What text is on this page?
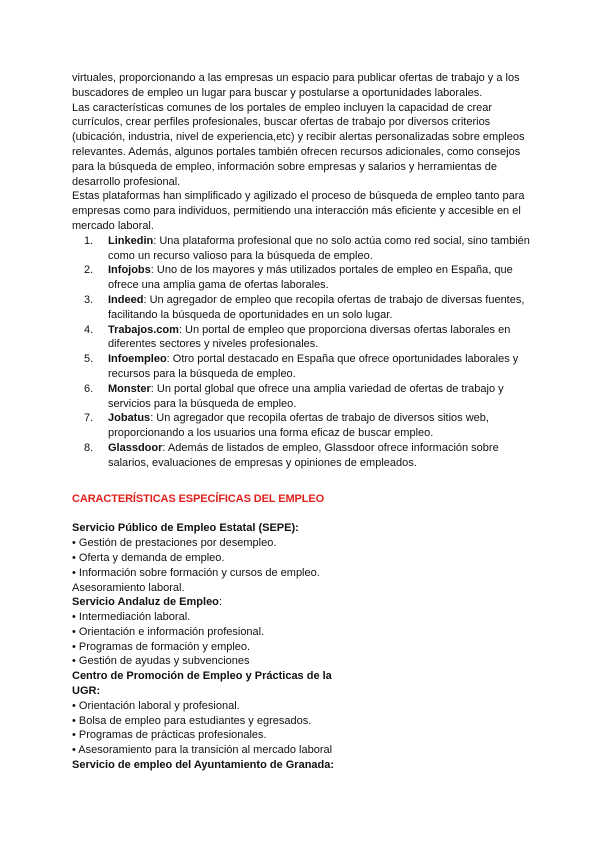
virtuales, proporcionando a las empresas un espacio para publicar ofertas de trabajo y a los buscadores de empleo un lugar para buscar y postularse a oportunidades laborales.

Las características comunes de los portales de empleo incluyen la capacidad de crear currículos, crear perfiles profesionales, buscar ofertas de trabajo por diversos criterios (ubicación, industria, nivel de experiencia,etc) y recibir alertas personalizadas sobre empleos relevantes. Además, algunos portales también ofrecen recursos adicionales, como consejos para la búsqueda de empleo, información sobre empresas y salarios y herramientas de desarrollo profesional.

Estas plataformas han simplificado y agilizado el proceso de búsqueda de empleo tanto para empresas como para individuos, permitiendo una interacción más eficiente y accesible en el mercado laboral.

Linkedin: Una plataforma profesional que no solo actúa como red social, sino también como un recurso valioso para la búsqueda de empleo.
Infojobs: Uno de los mayores y más utilizados portales de empleo en España, que ofrece una amplia gama de ofertas laborales.
Indeed: Un agregador de empleo que recopila ofertas de trabajo de diversas fuentes, facilitando la búsqueda de oportunidades en un solo lugar.
Trabajos.com: Un portal de empleo que proporciona diversas ofertas laborales en diferentes sectores y niveles profesionales.
Infoempleo: Otro portal destacado en España que ofrece oportunidades laborales y recursos para la búsqueda de empleo.
Monster: Un portal global que ofrece una amplia variedad de ofertas de trabajo y servicios para la búsqueda de empleo.
Jobatus: Un agregador que recopila ofertas de trabajo de diversos sitios web, proporcionando a los usuarios una forma eficaz de buscar empleo.
Glassdoor: Además de listados de empleo, Glassdoor ofrece información sobre salarios, evaluaciones de empresas y opiniones de empleados.

CARACTERÍSTICAS ESPECÍFICAS DEL EMPLEO

Servicio Público de Empleo Estatal (SEPE):

• Gestión de prestaciones por desempleo.

• Oferta y demanda de empleo.

• Información sobre formación y cursos de empleo.

Asesoramiento laboral.

Servicio Andaluz de Empleo:

• Intermediación laboral.

• Orientación e información profesional.

• Programas de formación y empleo.

• Gestión de ayudas y subvenciones

Centro de Promoción de Empleo y Prácticas de la UGR:

• Orientación laboral y profesional.

• Bolsa de empleo para estudiantes y egresados.

• Programas de prácticas profesionales.

• Asesoramiento para la transición al mercado laboral

Servicio de empleo del Ayuntamiento de Granada:
